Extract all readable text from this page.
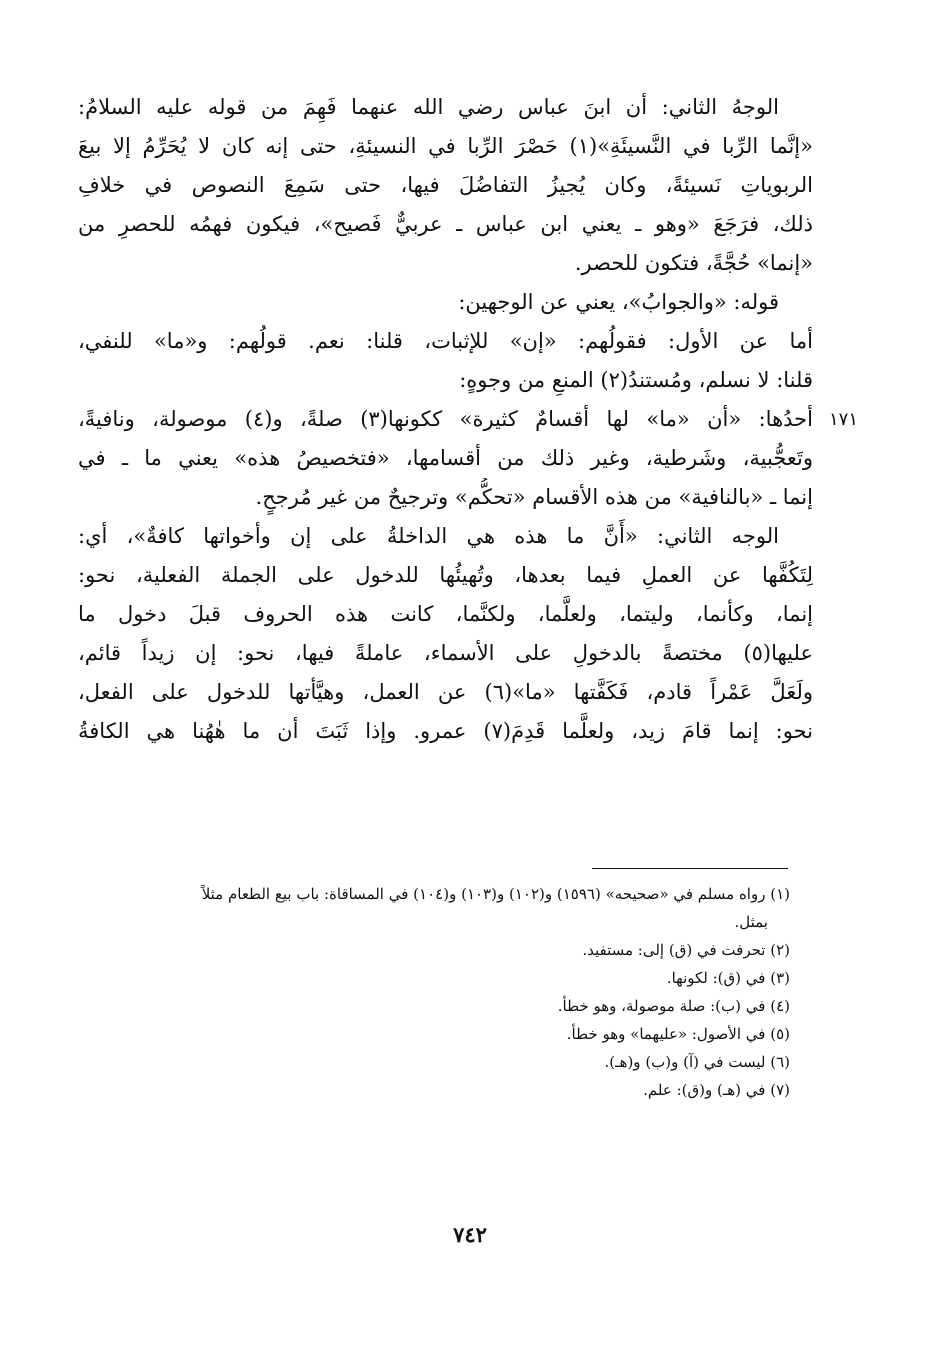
١٧١
الوجهُ الثاني: أن ابنَ عباس رضي الله عنهما فَهِمَ من قوله عليه السلامُ:
«إنَّما الرِّبا في النَّسيئَةِ»(١) حَصْرَ الرِّبا في النسيئةِ، حتى إنه كان لا يُحَرِّمُ إلا بيعَ
الربوياتِ نَسيئةً، وكان يُجيزُ التفاضُلَ فيها، حتى سَمِعَ النصوص في خلافِ
ذلك، فرَجَعَ «وهو ـ يعني ابن عباس ـ عربيٌّ فَصيح»، فيكون فهمُه للحصرِ من
«إنما» حُجَّةً، فتكون للحصر.
قوله: «والجوابُ»، يعني عن الوجهين:
أما عن الأول: فقولُهم: «إن» للإثبات، قلنا: نعم. قولُهم: و«ما» للنفي،
قلنا: لا نسلم، ومُستندُ(٢) المنعِ من وجوهٍ:
أحدُها: «أن «ما» لها أقسامٌ كثيرة» ككونها(٣) صلةً، و(٤) موصولة، ونافيةً،
وتَعجُّبية، وشَرطية، وغير ذلك من أقسامها، «فتخصيصُ هذه» يعني ما ـ في
إنما ـ «بالنافية» من هذه الأقسام «تحكُّم» وترجيحٌ من غير مُرجحٍ.
الوجه الثاني: «أَنَّ ما هذه هي الداخلةُ على إن وأخواتها كافةٌ»، أي:
لِتَكُفَّها عن العملِ فيما بعدها، وتُهيئُها للدخول على الجملة الفعلية، نحو:
إنما، وكأنما، وليتما، ولعلَّما، ولكنَّما، كانت هذه الحروف قبلَ دخول ما
عليها(٥) مختصةً بالدخولِ على الأسماء، عاملةً فيها، نحو: إن زيداً قائم،
ولَعَلَّ عَمْراً قادم، فَكَفَّتها «ما»(٦) عن العمل، وهيَّأتها للدخول على الفعل،
نحو: إنما قامَ زيد، ولعلَّما قَدِمَ(٧) عمرو. وإذا ثَبَتَ أن ما هٰهُنا هي الكافةُ
(١) رواه مسلم في «صحيحه» (١٥٩٦) و(١٠٢) و(١٠٣) و(١٠٤) في المساقاة: باب بيع الطعام مثلاً
بمثل.
(٢) تحرفت في (ق) إلى: مستفيد.
(٣) في (ق): لكونها.
(٤) في (ب): صلة موصولة، وهو خطأ.
(٥) في الأصول: «عليهما» وهو خطأ.
(٦) ليست في (آ) و(ب) و(هـ).
(٧) في (هـ) و(ق): علم.
٧٤٢
